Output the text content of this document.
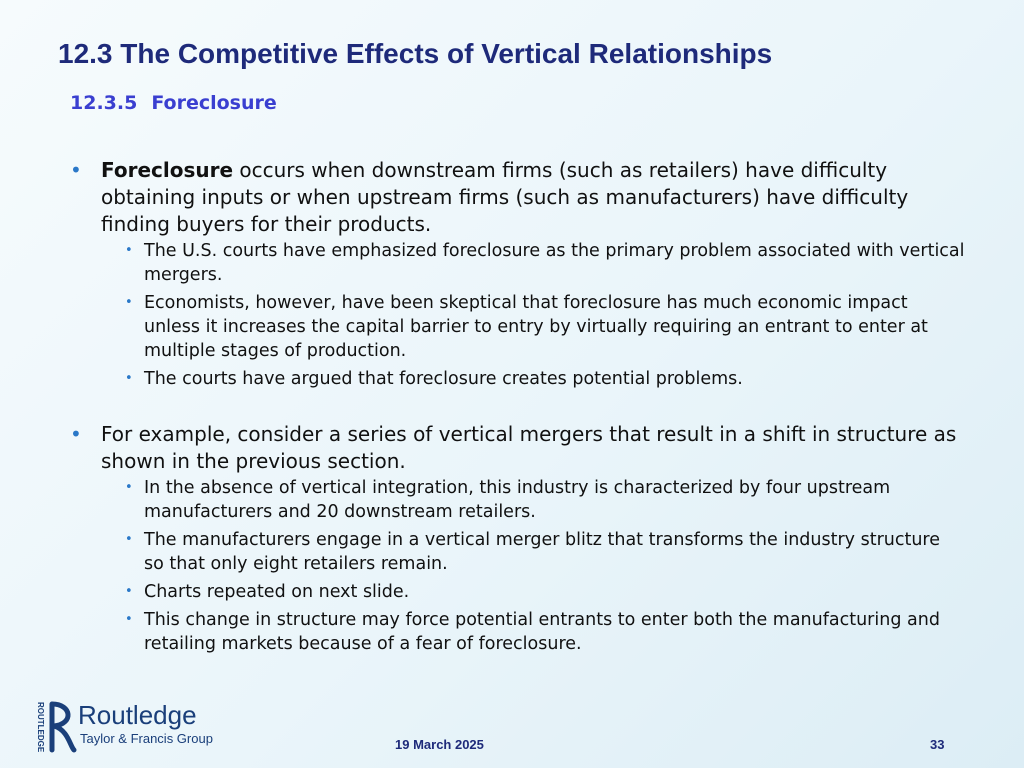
12.3 The Competitive Effects of Vertical Relationships
12.3.5 Foreclosure
• Foreclosure occurs when downstream firms (such as retailers) have difficulty obtaining inputs or when upstream firms (such as manufacturers) have difficulty finding buyers for their products.
• The U.S. courts have emphasized foreclosure as the primary problem associated with vertical mergers.
• Economists, however, have been skeptical that foreclosure has much economic impact unless it increases the capital barrier to entry by virtually requiring an entrant to enter at multiple stages of production.
• The courts have argued that foreclosure creates potential problems.
• For example, consider a series of vertical mergers that result in a shift in structure as shown in the previous section.
• In the absence of vertical integration, this industry is characterized by four upstream manufacturers and 20 downstream retailers.
• The manufacturers engage in a vertical merger blitz that transforms the industry structure so that only eight retailers remain.
• Charts repeated on next slide.
• This change in structure may force potential entrants to enter both the manufacturing and retailing markets because of a fear of foreclosure.
ROUTLEDGE Routledge
Taylor & Francis Group	19 March 2025	33
